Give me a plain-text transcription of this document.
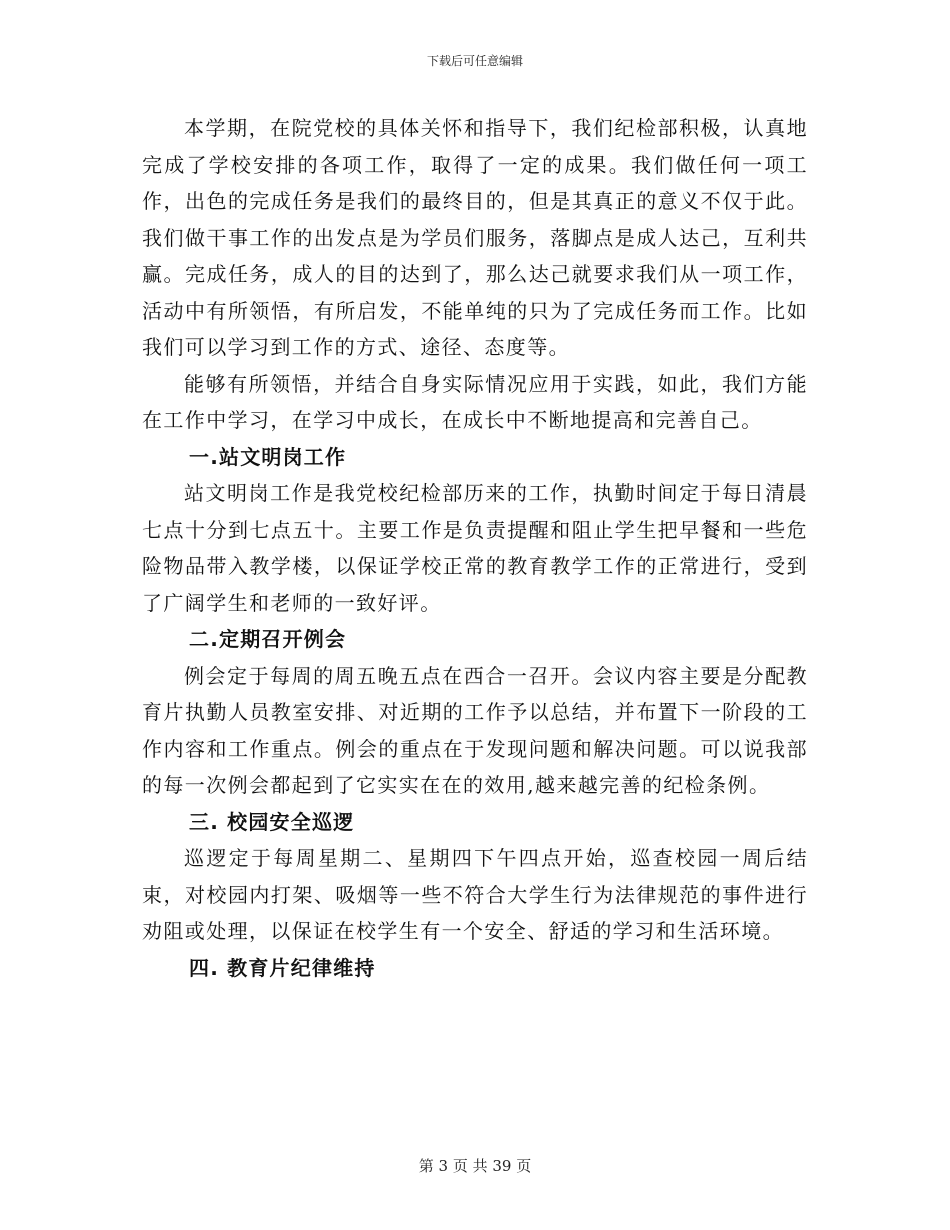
下载后可任意编辑

本学期，在院党校的具体关怀和指导下，我们纪检部积极，认真地完成了学校安排的各项工作，取得了一定的成果。我们做任何一项工作，出色的完成任务是我们的最终目的，但是其真正的意义不仅于此。我们做干事工作的出发点是为学员们服务，落脚点是成人达己，互利共赢。完成任务，成人的目的达到了，那么达己就要求我们从一项工作，活动中有所领悟，有所启发，不能单纯的只为了完成任务而工作。比如我们可以学习到工作的方式、途径、态度等。

能够有所领悟，并结合自身实际情况应用于实践，如此，我们方能在工作中学习，在学习中成长，在成长中不断地提高和完善自己。

一.站文明岗工作

站文明岗工作是我党校纪检部历来的工作，执勤时间定于每日清晨七点十分到七点五十。主要工作是负责提醒和阻止学生把早餐和一些危险物品带入教学楼，以保证学校正常的教育教学工作的正常进行，受到了广阔学生和老师的一致好评。

二.定期召开例会

例会定于每周的周五晚五点在西合一召开。会议内容主要是分配教育片执勤人员教室安排、对近期的工作予以总结，并布置下一阶段的工作内容和工作重点。例会的重点在于发现问题和解决问题。可以说我部的每一次例会都起到了它实实在在的效用,越来越完善的纪检条例。

三. 校园安全巡逻

巡逻定于每周星期二、星期四下午四点开始，巡查校园一周后结束，对校园内打架、吸烟等一些不符合大学生行为法律规范的事件进行劝阻或处理，以保证在校学生有一个安全、舒适的学习和生活环境。

四. 教育片纪律维持
第 3 页 共 39 页
